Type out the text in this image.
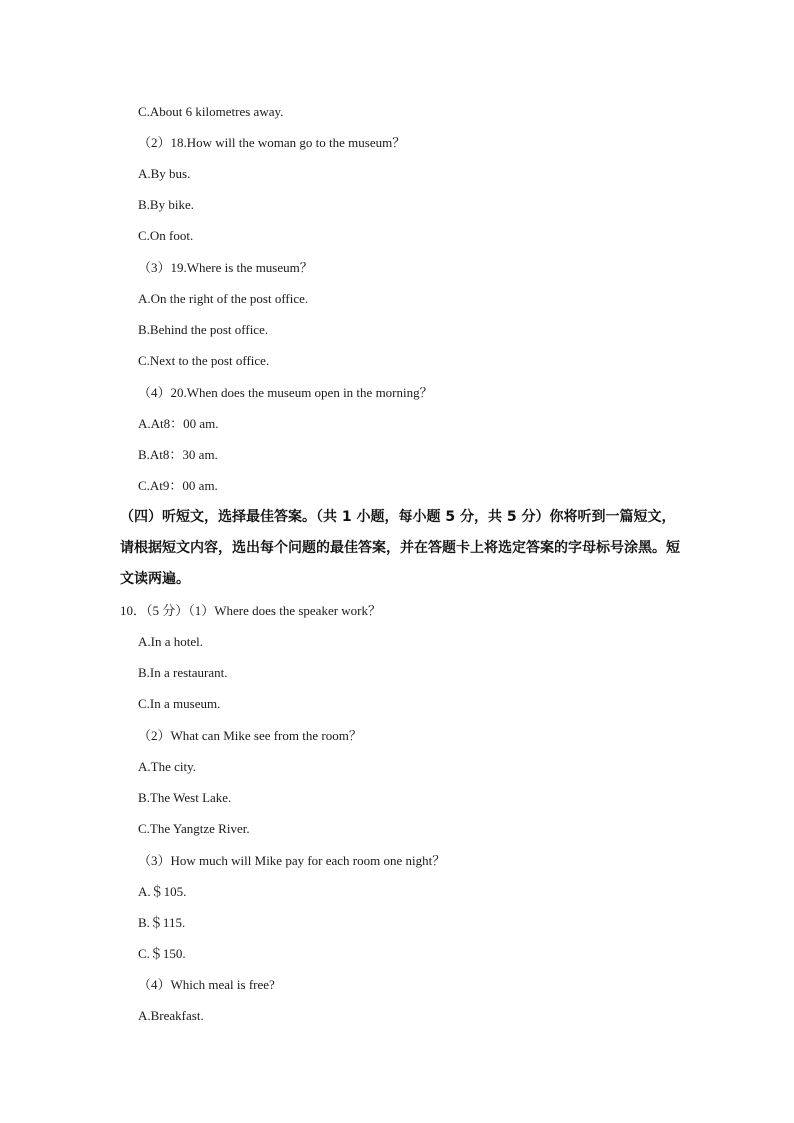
C.About 6 kilometres away.
（2）18.How will the woman go to the museum？
A.By bus.
B.By bike.
C.On foot.
（3）19.Where is the museum？
A.On the right of the post office.
B.Behind the post office.
C.Next to the post office.
（4）20.When does the museum open in the morning？
A.At8：00 am.
B.At8：30 am.
C.At9：00 am.
（四）听短文，选择最佳答案。（共 1 小题，每小题 5 分，共 5 分）你将听到一篇短文，请根据短文内容，选出每个问题的最佳答案，并在答题卡上将选定答案的字母标号涂黑。短文读两遍。
10．（5 分）（1）Where does the speaker work？
A.In a hotel.
B.In a restaurant.
C.In a museum.
（2）What can Mike see from the room？
A.The city.
B.The West Lake.
C.The Yangtze River.
（3）How much will Mike pay for each room one night？
A.＄105.
B.＄115.
C.＄150.
（4）Which meal is free?
A.Breakfast.
